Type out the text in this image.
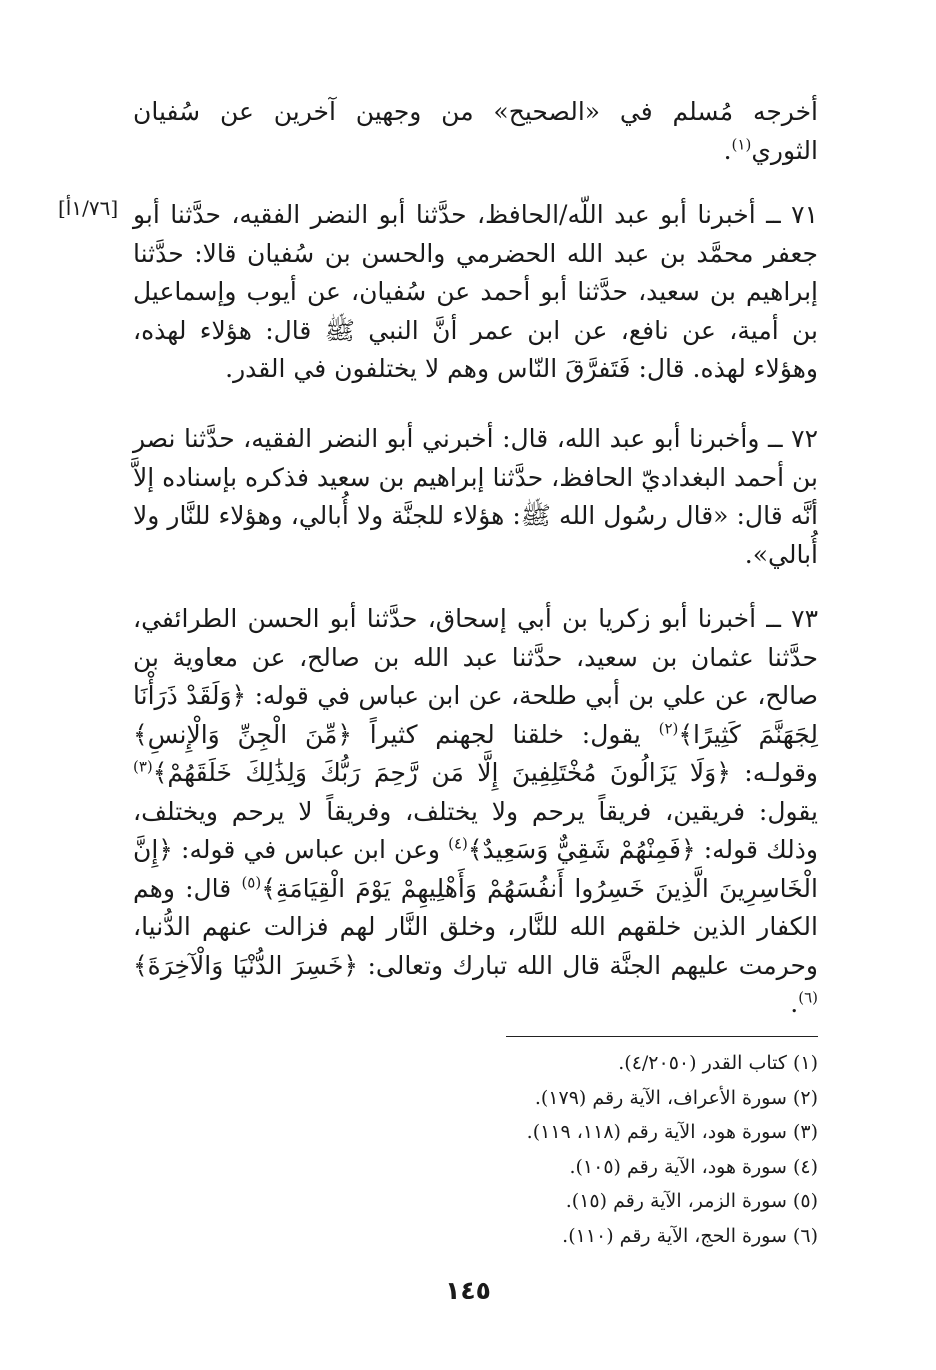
[١/٧٦أ]

أخرجه مُسلم في «الصحيح» من وجهين آخرين عن سُفيان الثوري$^{(١)}$.

٧١ ــ أخبرنا أبو عبد اللّه/الحافظ، حدَّثنا أبو النضر الفقيه، حدَّثنا أبو جعفر محمَّد بن عبد الله الحضرمي والحسن بن سُفيان قالا: حدَّثنا إبراهيم بن سعيد، حدَّثنا أبو أحمد عن سُفيان، عن أيوب وإسماعيل بن أمية، عن نافع، عن ابن عمر أنَّ النبي ﷺ قال: هؤلاء لهذه، وهؤلاء لهذه. قال: فَتَفرَّقَ النّاس وهم لا يختلفون في القدر.

٧٢ ــ وأخبرنا أبو عبد الله، قال: أخبرني أبو النضر الفقيه، حدَّثنا نصر بن أحمد البغداديّ الحافظ، حدَّثنا إبراهيم بن سعيد فذكره بإسناده إلاَّ أنَّه قال: «قال رسُول الله ﷺ: هؤلاء للجنَّة ولا أُبالي، وهؤلاء للنَّار ولا أُبالي».

٧٣ ــ أخبرنا أبو زكريا بن أبي إسحاق، حدَّثنا أبو الحسن الطرائفي، حدَّثنا عثمان بن سعيد، حدَّثنا عبد الله بن صالح، عن معاوية بن صالح، عن علي بن أبي طلحة، عن ابن عباس في قوله: ﴿وَلَقَدْ ذَرَأْنَا لِجَهَنَّمَ كَثِيرًا﴾$^{(٢)}$ يقول: خلقنا لجهنم كثيراً ﴿مِّنَ الْجِنِّ وَالْإِنسِ﴾ وقولـه: ﴿وَلَا يَزَالُونَ مُخْتَلِفِينَ إِلَّا مَن رَّحِمَ رَبُّكَ وَلِذَٰلِكَ خَلَقَهُمْ﴾$^{(٣)}$ يقول: فريقين، فريقاً يرحم ولا يختلف، وفريقاً لا يرحم ويختلف، وذلك قوله: ﴿فَمِنْهُمْ شَقِيٌّ وَسَعِيدٌ﴾$^{(٤)}$ وعن ابن عباس في قوله: ﴿إِنَّ الْخَاسِرِينَ الَّذِينَ خَسِرُوا أَنفُسَهُمْ وَأَهْلِيهِمْ يَوْمَ الْقِيَامَةِ﴾$^{(٥)}$ قال: وهم الكفار الذين خلقهم الله للنَّار، وخلق النَّار لهم فزالت عنهم الدُّنيا، وحرمت عليهم الجنَّة قال الله تبارك وتعالى: ﴿خَسِرَ الدُّنْيَا وَالْآخِرَةَ﴾$^{(٦)}$.

(١) كتاب القدر (٤/٢٠٥٠).

(٢) سورة الأعراف، الآية رقم (١٧٩).

(٣) سورة هود، الآية رقم (١١٨، ١١٩).

(٤) سورة هود، الآية رقم (١٠٥).

(٥) سورة الزمر، الآية رقم (١٥).

(٦) سورة الحج، الآية رقم (١١٠).

١٤٥
